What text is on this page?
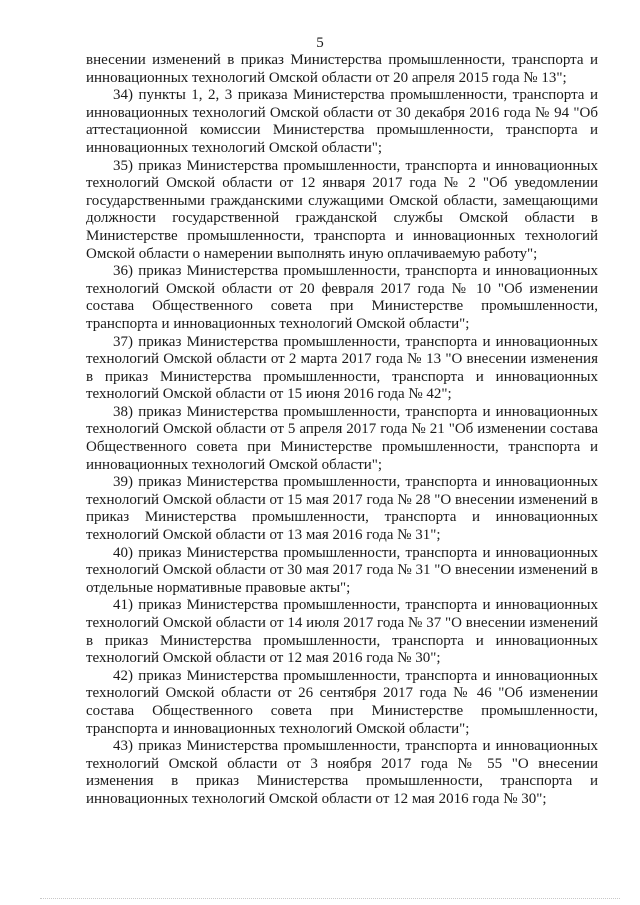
5

внесении изменений в приказ Министерства промышленности, транспорта и инновационных технологий Омской области от 20 апреля 2015 года № 13";

34) пункты 1, 2, 3 приказа Министерства промышленности, транспорта и инновационных технологий Омской области от 30 декабря 2016 года № 94 "Об аттестационной комиссии Министерства промышленности, транспорта и инновационных технологий Омской области";

35) приказ Министерства промышленности, транспорта и инновационных технологий Омской области от 12 января 2017 года № 2 "Об уведомлении государственными гражданскими служащими Омской области, замещающими должности государственной гражданской службы Омской области в Министерстве промышленности, транспорта и инновационных технологий Омской области о намерении выполнять иную оплачиваемую работу";

36) приказ Министерства промышленности, транспорта и инновационных технологий Омской области от 20 февраля 2017 года № 10 "Об изменении состава Общественного совета при Министерстве промышленности, транспорта и инновационных технологий Омской области";

37) приказ Министерства промышленности, транспорта и инновационных технологий Омской области от 2 марта 2017 года № 13 "О внесении изменения в приказ Министерства промышленности, транспорта и инновационных технологий Омской области от 15 июня 2016 года № 42";

38) приказ Министерства промышленности, транспорта и инновационных технологий Омской области от 5 апреля 2017 года № 21 "Об изменении состава Общественного совета при Министерстве промышленности, транспорта и инновационных технологий Омской области";

39) приказ Министерства промышленности, транспорта и инновационных технологий Омской области от 15 мая 2017 года № 28 "О внесении изменений в приказ Министерства промышленности, транспорта и инновационных технологий Омской области от 13 мая 2016 года № 31";

40) приказ Министерства промышленности, транспорта и инновационных технологий Омской области от 30 мая 2017 года № 31 "О внесении изменений в отдельные нормативные правовые акты";

41) приказ Министерства промышленности, транспорта и инновационных технологий Омской области от 14 июля 2017 года № 37 "О внесении изменений в приказ Министерства промышленности, транспорта и инновационных технологий Омской области от 12 мая 2016 года № 30";

42) приказ Министерства промышленности, транспорта и инновационных технологий Омской области от 26 сентября 2017 года № 46 "Об изменении состава Общественного совета при Министерстве промышленности, транспорта и инновационных технологий Омской области";

43) приказ Министерства промышленности, транспорта и инновационных технологий Омской области от 3 ноября 2017 года № 55 "О внесении изменения в приказ Министерства промышленности, транспорта и инновационных технологий Омской области от 12 мая 2016 года № 30";
